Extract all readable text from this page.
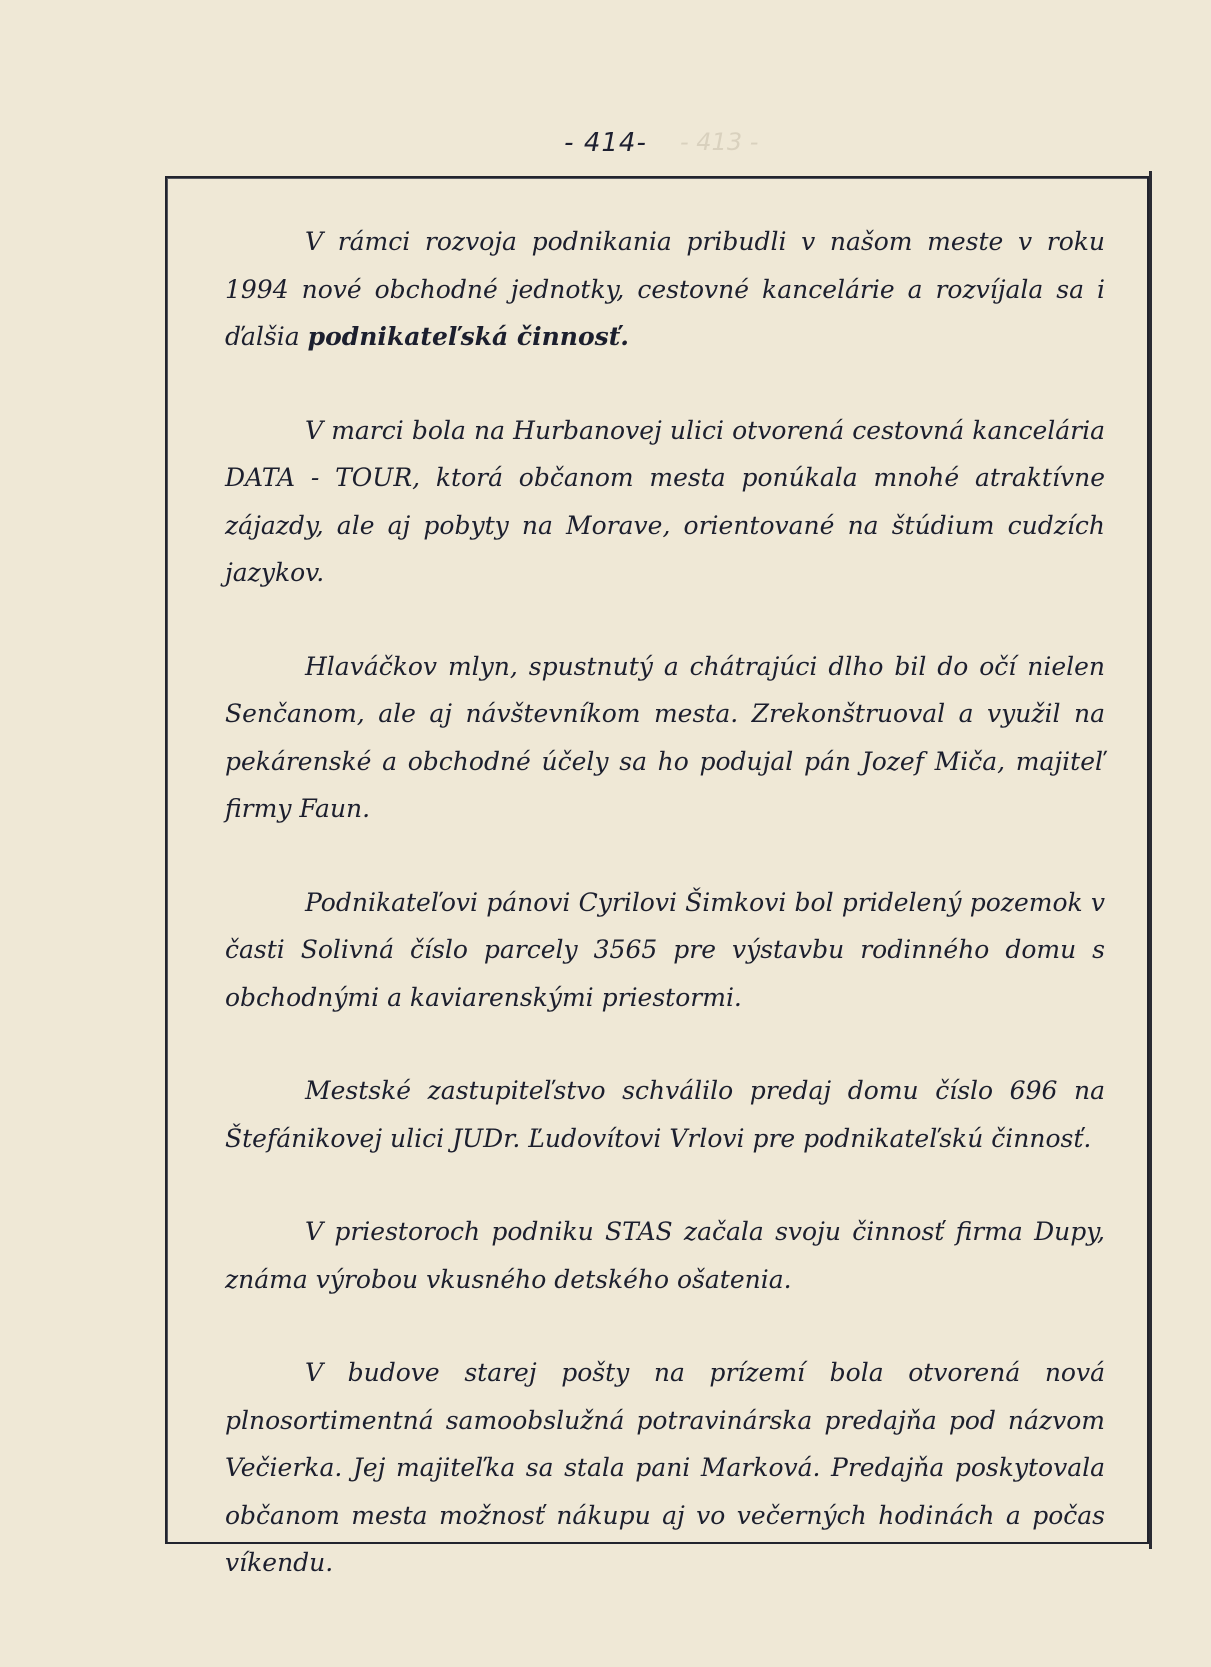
- 413 -
- 414-

V rámci rozvoja podnikania pribudli v našom meste v roku 1994 nové obchodné jednotky, cestovné kancelárie a rozvíjala sa i ďalšia podnikateľská činnosť.

V marci bola na Hurbanovej ulici otvorená cestovná kancelária DATA - TOUR, ktorá občanom mesta ponúkala mnohé atraktívne zájazdy, ale aj pobyty na Morave, orientované na štúdium cudzích jazykov.

Hlaváčkov mlyn, spustnutý a chátrajúci dlho bil do očí nielen Senčanom, ale aj návštevníkom mesta. Zrekonštruoval a využil na pekárenské a obchodné účely sa ho podujal pán Jozef Miča, majiteľ firmy Faun.

Podnikateľovi pánovi Cyrilovi Šimkovi bol pridelený pozemok v časti Solivná číslo parcely 3565 pre výstavbu rodinného domu s obchodnými a kaviarenskými priestormi.

Mestské zastupiteľstvo schválilo predaj domu číslo 696 na Štefánikovej ulici JUDr. Ľudovítovi Vrlovi pre podnikateľskú činnosť.

V priestoroch podniku STAS začala svoju činnosť firma Dupy, známa výrobou vkusného detského ošatenia.

V budove starej pošty na prízemí bola otvorená nová plnosortimentná samoobslužná potravinárska predajňa pod názvom Večierka. Jej majiteľka sa stala pani Marková. Predajňa poskytovala občanom mesta možnosť nákupu aj vo večerných hodinách a počas víkendu.
